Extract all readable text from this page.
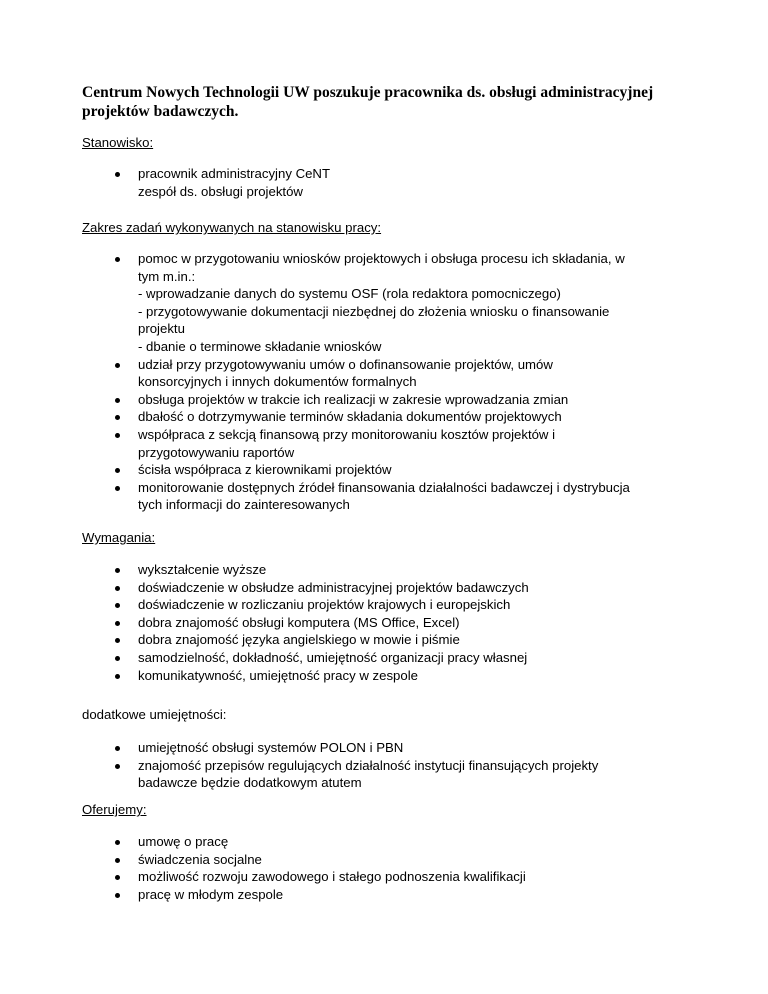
Centrum Nowych Technologii UW poszukuje pracownika ds. obsługi administracyjnej projektów badawczych.
Stanowisko:
pracownik administracyjny CeNT
zespół ds. obsługi projektów
Zakres zadań wykonywanych na stanowisku pracy:
pomoc w przygotowaniu wniosków projektowych i obsługa procesu ich składania, w
tym m.in.:
- wprowadzanie danych do systemu OSF (rola redaktora pomocniczego)
- przygotowywanie dokumentacji niezbędnej do złożenia wniosku o finansowanie
projektu
- dbanie o terminowe składanie wniosków
udział przy przygotowywaniu umów o dofinansowanie projektów, umów
konsorcyjnych i innych dokumentów formalnych
obsługa projektów w trakcie ich realizacji w zakresie wprowadzania zmian
dbałość o dotrzymywanie terminów składania dokumentów projektowych
współpraca z sekcją finansową przy monitorowaniu kosztów projektów i
przygotowywaniu raportów
ścisła współpraca z kierownikami projektów
monitorowanie dostępnych źródeł finansowania działalności badawczej i dystrybucja
tych informacji do zainteresowanych
Wymagania:
wykształcenie wyższe
doświadczenie w obsłudze administracyjnej projektów badawczych
doświadczenie w rozliczaniu projektów krajowych i europejskich
dobra znajomość obsługi komputera (MS Office, Excel)
dobra znajomość języka angielskiego w mowie i piśmie
samodzielność, dokładność, umiejętność organizacji pracy własnej
komunikatywność, umiejętność pracy w zespole
dodatkowe umiejętności:
umiejętność obsługi systemów POLON i PBN
znajomość przepisów regulujących działalność instytucji finansujących projekty
badawcze będzie dodatkowym atutem
Oferujemy:
umowę o pracę
świadczenia socjalne
możliwość rozwoju zawodowego i stałego podnoszenia kwalifikacji
pracę w młodym zespole
